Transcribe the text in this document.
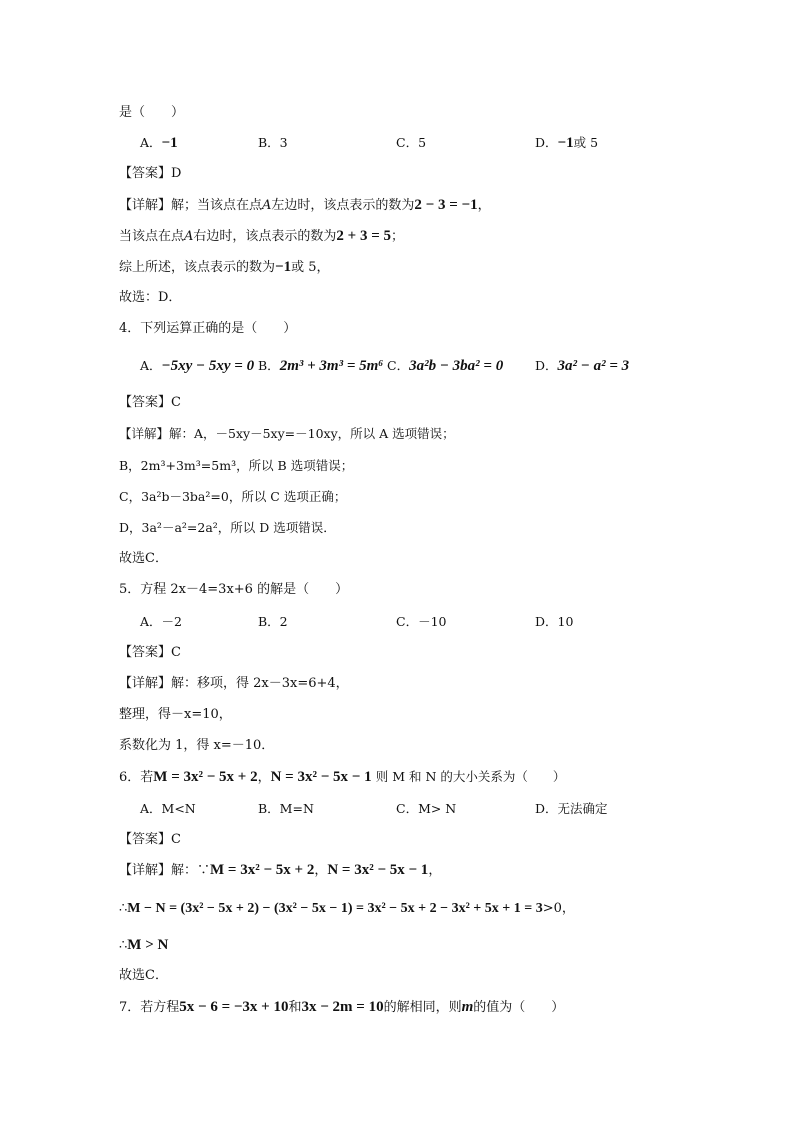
是（　　）
A．−1	B．3	C．5	D．−1或 5
【答案】D
【详解】解；当该点在点A左边时，该点表示的数为2 − 3 = −1，
当该点在点A右边时，该点表示的数为2 + 3 = 5；
综上所述，该点表示的数为−1或 5，
故选：D．
4．下列运算正确的是（　　）
A．−5xy − 5xy = 0 B．2m³ + 3m³ = 5m⁶ C．3a²b − 3ba² = 0	D．3a² − a² = 3
【答案】C
【详解】解：A，－5xy－5xy=－10xy，所以 A 选项错误；
B，2m³+3m³=5m³，所以 B 选项错误；
C，3a²b－3ba²=0，所以 C 选项正确；
D，3a²－a²=2a²，所以 D 选项错误．
故选C．
5．方程 2x－4=3x+6 的解是（　　）
A．－2	B．2	C．－10	D．10
【答案】C
【详解】解：移项，得 2x－3x=6+4，
整理，得－x=10，
系数化为 1，得 x=－10．
6．若M = 3x² − 5x + 2，N = 3x² − 5x − 1 则 M 和 N 的大小关系为（　　）
A．M<N	B．M=N	C．M> N	D．无法确定
【答案】C
【详解】解：∵M = 3x² − 5x + 2，N = 3x² − 5x − 1，
∴M − N = (3x² − 5x + 2) − (3x² − 5x − 1) = 3x² − 5x + 2 − 3x² + 5x + 1 = 3>0，
∴M > N
故选C．
7．若方程5x − 6 = −3x + 10和3x − 2m = 10的解相同，则m的值为（　　）
